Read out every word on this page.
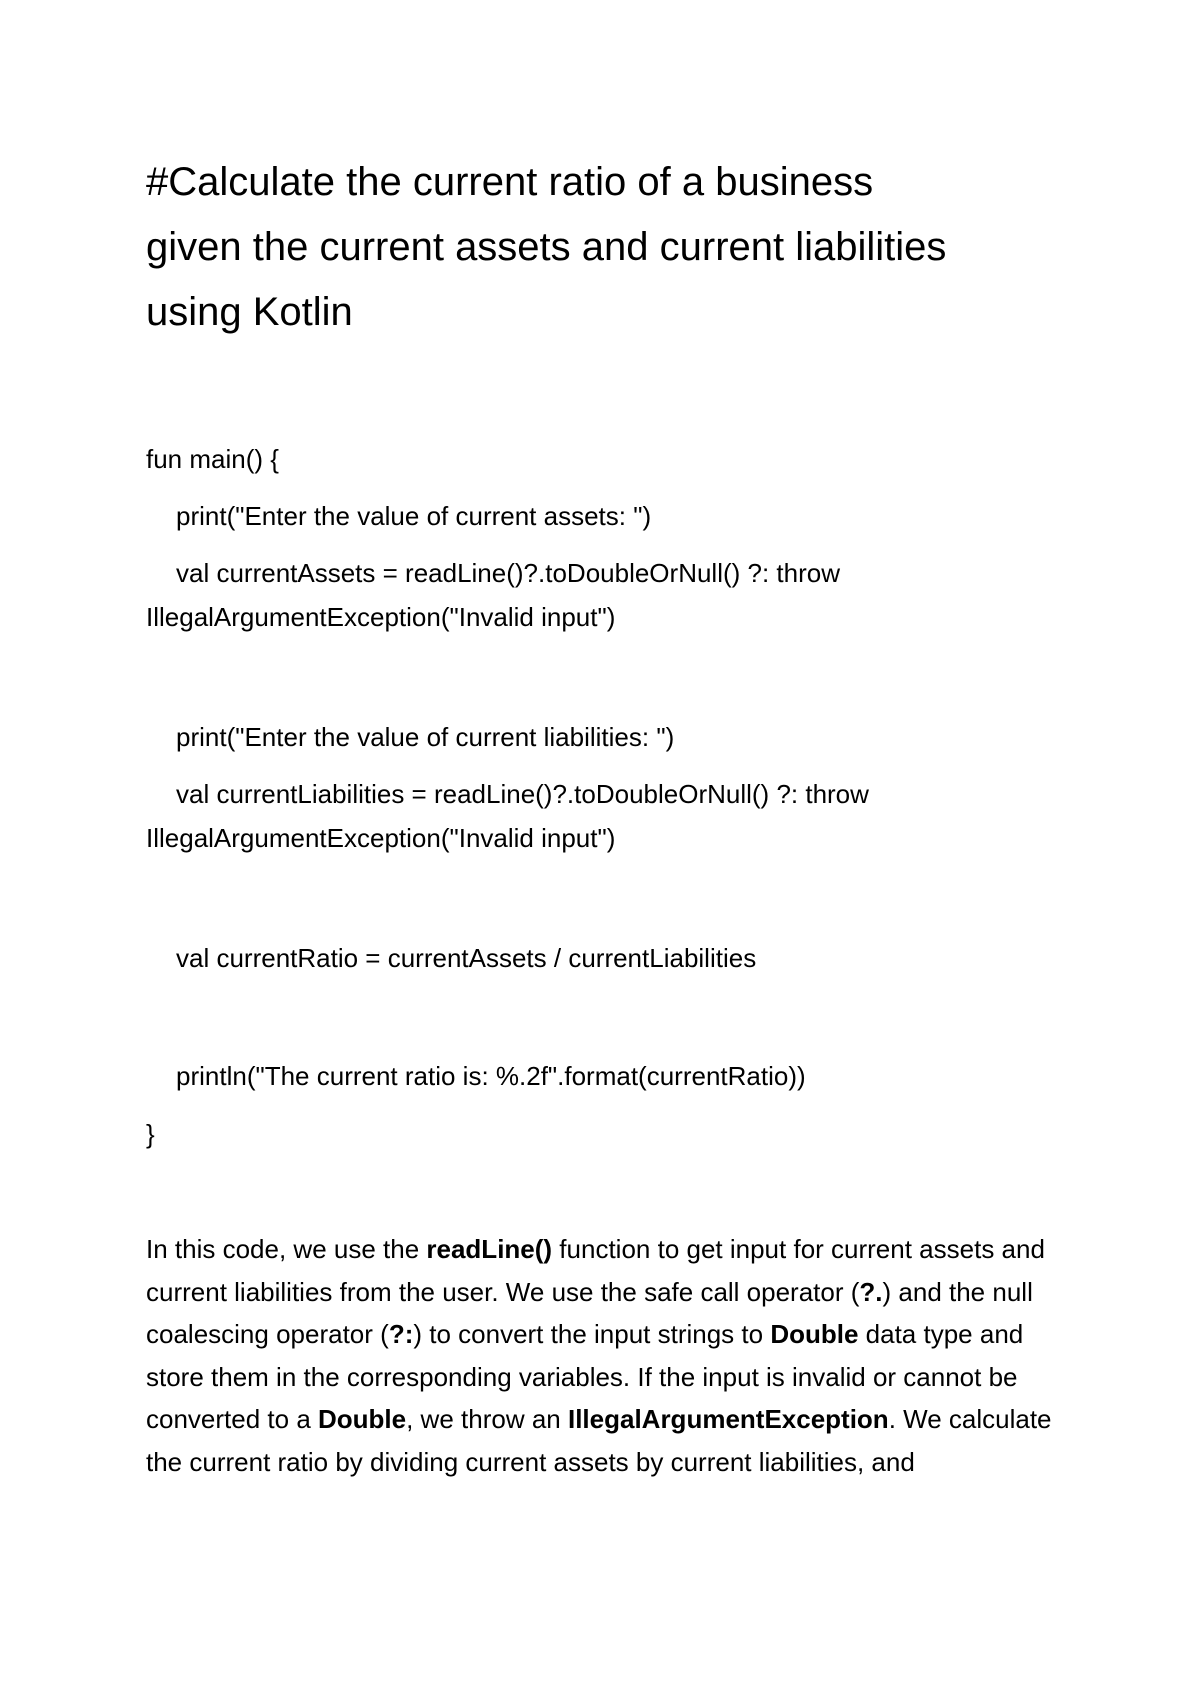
#Calculate the current ratio of a business
given the current assets and current liabilities
using Kotlin

fun main() {

print("Enter the value of current assets: ")

val currentAssets = readLine()?.toDoubleOrNull() ?: throw

IllegalArgumentException("Invalid input")

print("Enter the value of current liabilities: ")

val currentLiabilities = readLine()?.toDoubleOrNull() ?: throw

IllegalArgumentException("Invalid input")

val currentRatio = currentAssets / currentLiabilities

println("The current ratio is: %.2f".format(currentRatio))

}

In this code, we use the readLine() function to get input for current assets and current liabilities from the user. We use the safe call operator (?.) and the null coalescing operator (?:) to convert the input strings to Double data type and store them in the corresponding variables. If the input is invalid or cannot be converted to a Double, we throw an IllegalArgumentException. We calculate the current ratio by dividing current assets by current liabilities, and
